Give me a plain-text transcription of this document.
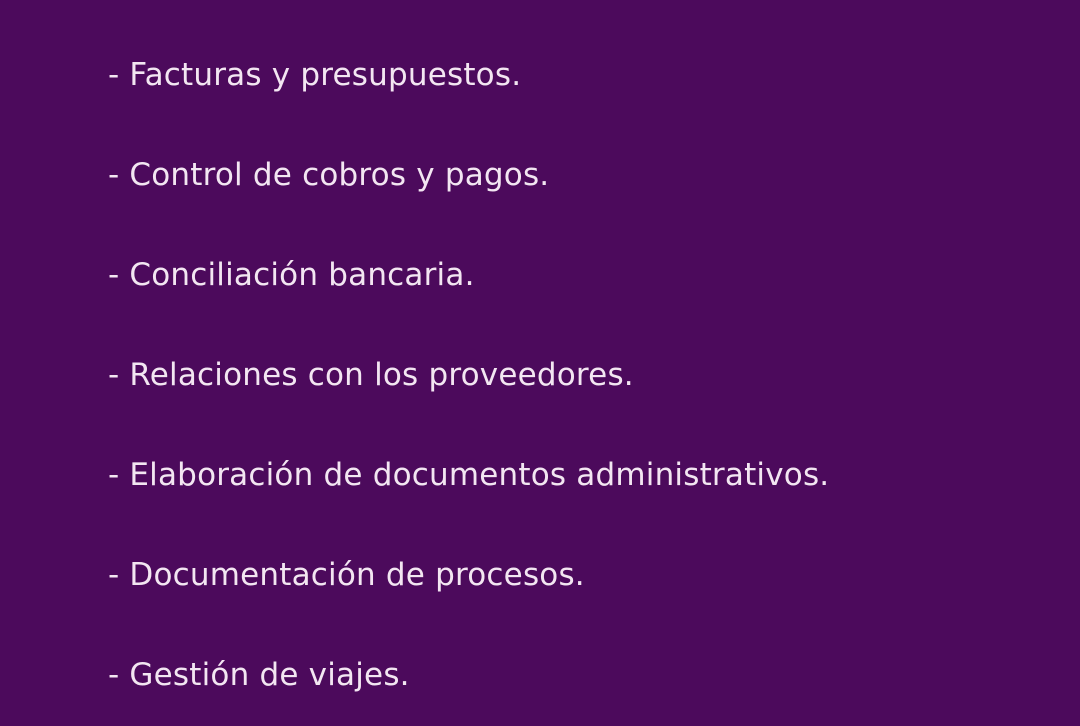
- Facturas y presupuestos.
- Control de cobros y pagos.
- Conciliación bancaria.
- Relaciones con los proveedores.
- Elaboración de documentos administrativos.
- Documentación de procesos.
- Gestión de viajes.
